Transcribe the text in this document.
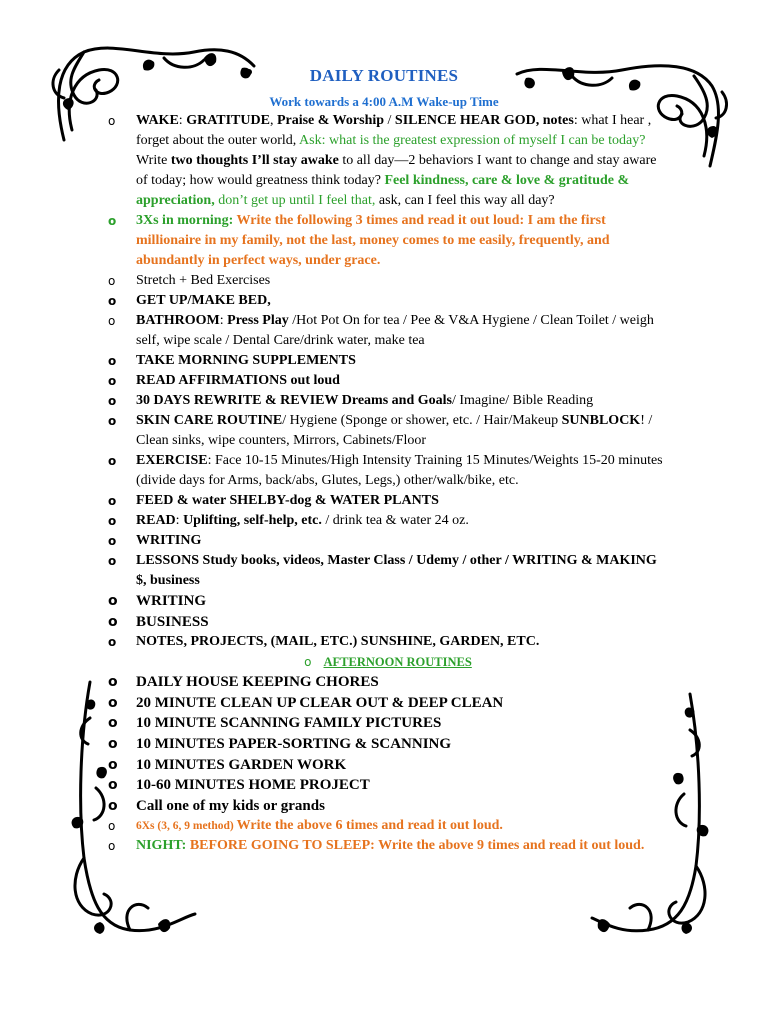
DAILY ROUTINES
Work towards a 4:00 A.M Wake-up Time
o WAKE: GRATITUDE, Praise & Worship / SILENCE HEAR GOD, notes: what I hear , forget about the outer world, Ask: what is the greatest expression of myself I can be today? Write two thoughts I’ll stay awake to all day—2 behaviors I want to change and stay aware of today; how would greatness think today? Feel kindness, care & love & gratitude & appreciation, don’t get up until I feel that, ask, can I feel this way all day?
o 3Xs in morning: Write the following 3 times and read it out loud: I am the first millionaire in my family, not the last, money comes to me easily, frequently, and abundantly in perfect ways, under grace.
o Stretch + Bed Exercises
o GET UP/MAKE BED,
o BATHROOM: Press Play /Hot Pot On for tea / Pee & V&A Hygiene / Clean Toilet / weigh self, wipe scale / Dental Care/drink water, make tea
o TAKE MORNING SUPPLEMENTS
o READ AFFIRMATIONS out loud
o 30 DAYS REWRITE & REVIEW Dreams and Goals/ Imagine/ Bible Reading
o SKIN CARE ROUTINE/ Hygiene (Sponge or shower, etc. / Hair/Makeup SUNBLOCK! / Clean sinks, wipe counters, Mirrors, Cabinets/Floor
o EXERCISE: Face 10-15 Minutes/High Intensity Training 15 Minutes/Weights 15-20 minutes (divide days for Arms, back/abs, Glutes, Legs,) other/walk/bike, etc.
o FEED & water SHELBY-dog & WATER PLANTS
o READ: Uplifting, self-help, etc. / drink tea & water 24 oz.
o WRITING
o LESSONS Study books, videos, Master Class / Udemy / other / WRITING & MAKING $, business
o WRITING
o BUSINESS
o NOTES, PROJECTS, (MAIL, ETC.) SUNSHINE, GARDEN, ETC.
o AFTERNOON ROUTINES
o DAILY HOUSE KEEPING CHORES
o 20 MINUTE CLEAN UP CLEAR OUT & DEEP CLEAN
o 10 MINUTE SCANNING FAMILY PICTURES
o 10 MINUTES PAPER-SORTING & SCANNING
o 10 MINUTES GARDEN WORK
o 10-60 MINUTES HOME PROJECT
o Call one of my kids or grands
o 6Xs (3, 6, 9 method) Write the above 6 times and read it out loud.
o NIGHT: BEFORE GOING TO SLEEP: Write the above 9 times and read it out loud.
